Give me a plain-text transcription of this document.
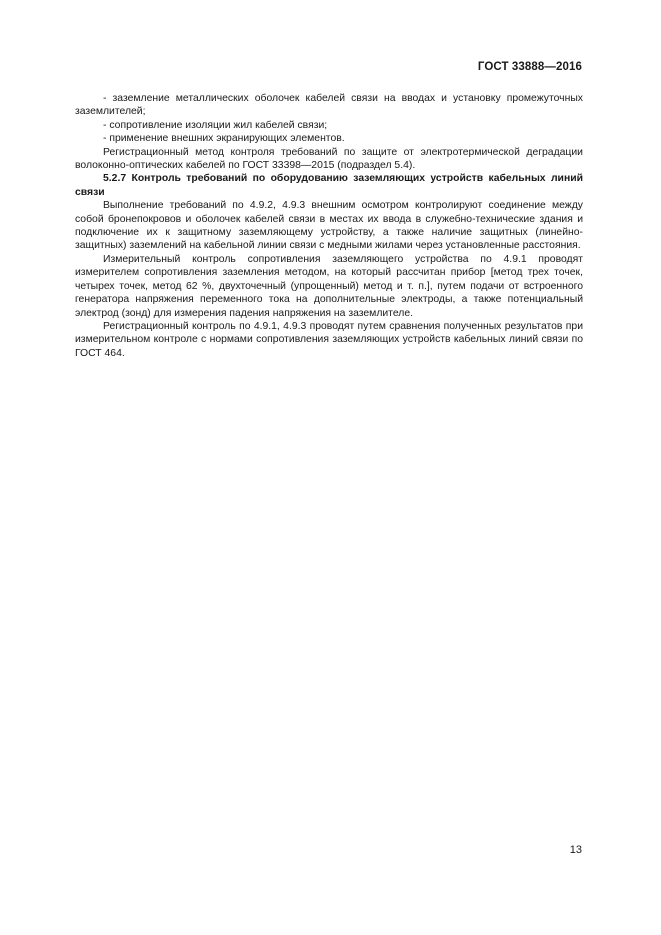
ГОСТ 33888—2016

- заземление металлических оболочек кабелей связи на вводах и установку промежуточных заземлителей;

- сопротивление изоляции жил кабелей связи;

- применение внешних экранирующих элементов.

Регистрационный метод контроля требований по защите от электротермической деградации волоконно-оптических кабелей по ГОСТ 33398—2015 (подраздел 5.4).

5.2.7 Контроль требований по оборудованию заземляющих устройств кабельных линий связи

Выполнение требований по 4.9.2, 4.9.3 внешним осмотром контролируют соединение между собой бронепокровов и оболочек кабелей связи в местах их ввода в служебно-технические здания и подключение их к защитному заземляющему устройству, а также наличие защитных (линейно-защитных) заземлений на кабельной линии связи с медными жилами через установленные расстояния.

Измерительный контроль сопротивления заземляющего устройства по 4.9.1 проводят измерителем сопротивления заземления методом, на который рассчитан прибор [метод трех точек, четырех точек, метод 62 %, двухточечный (упрощенный) метод и т. п.], путем подачи от встроенного генератора напряжения переменного тока на дополнительные электроды, а также потенциальный электрод (зонд) для измерения падения напряжения на заземлителе.

Регистрационный контроль по 4.9.1, 4.9.3 проводят путем сравнения полученных результатов при измерительном контроле с нормами сопротивления заземляющих устройств кабельных линий связи по ГОСТ 464.

13
